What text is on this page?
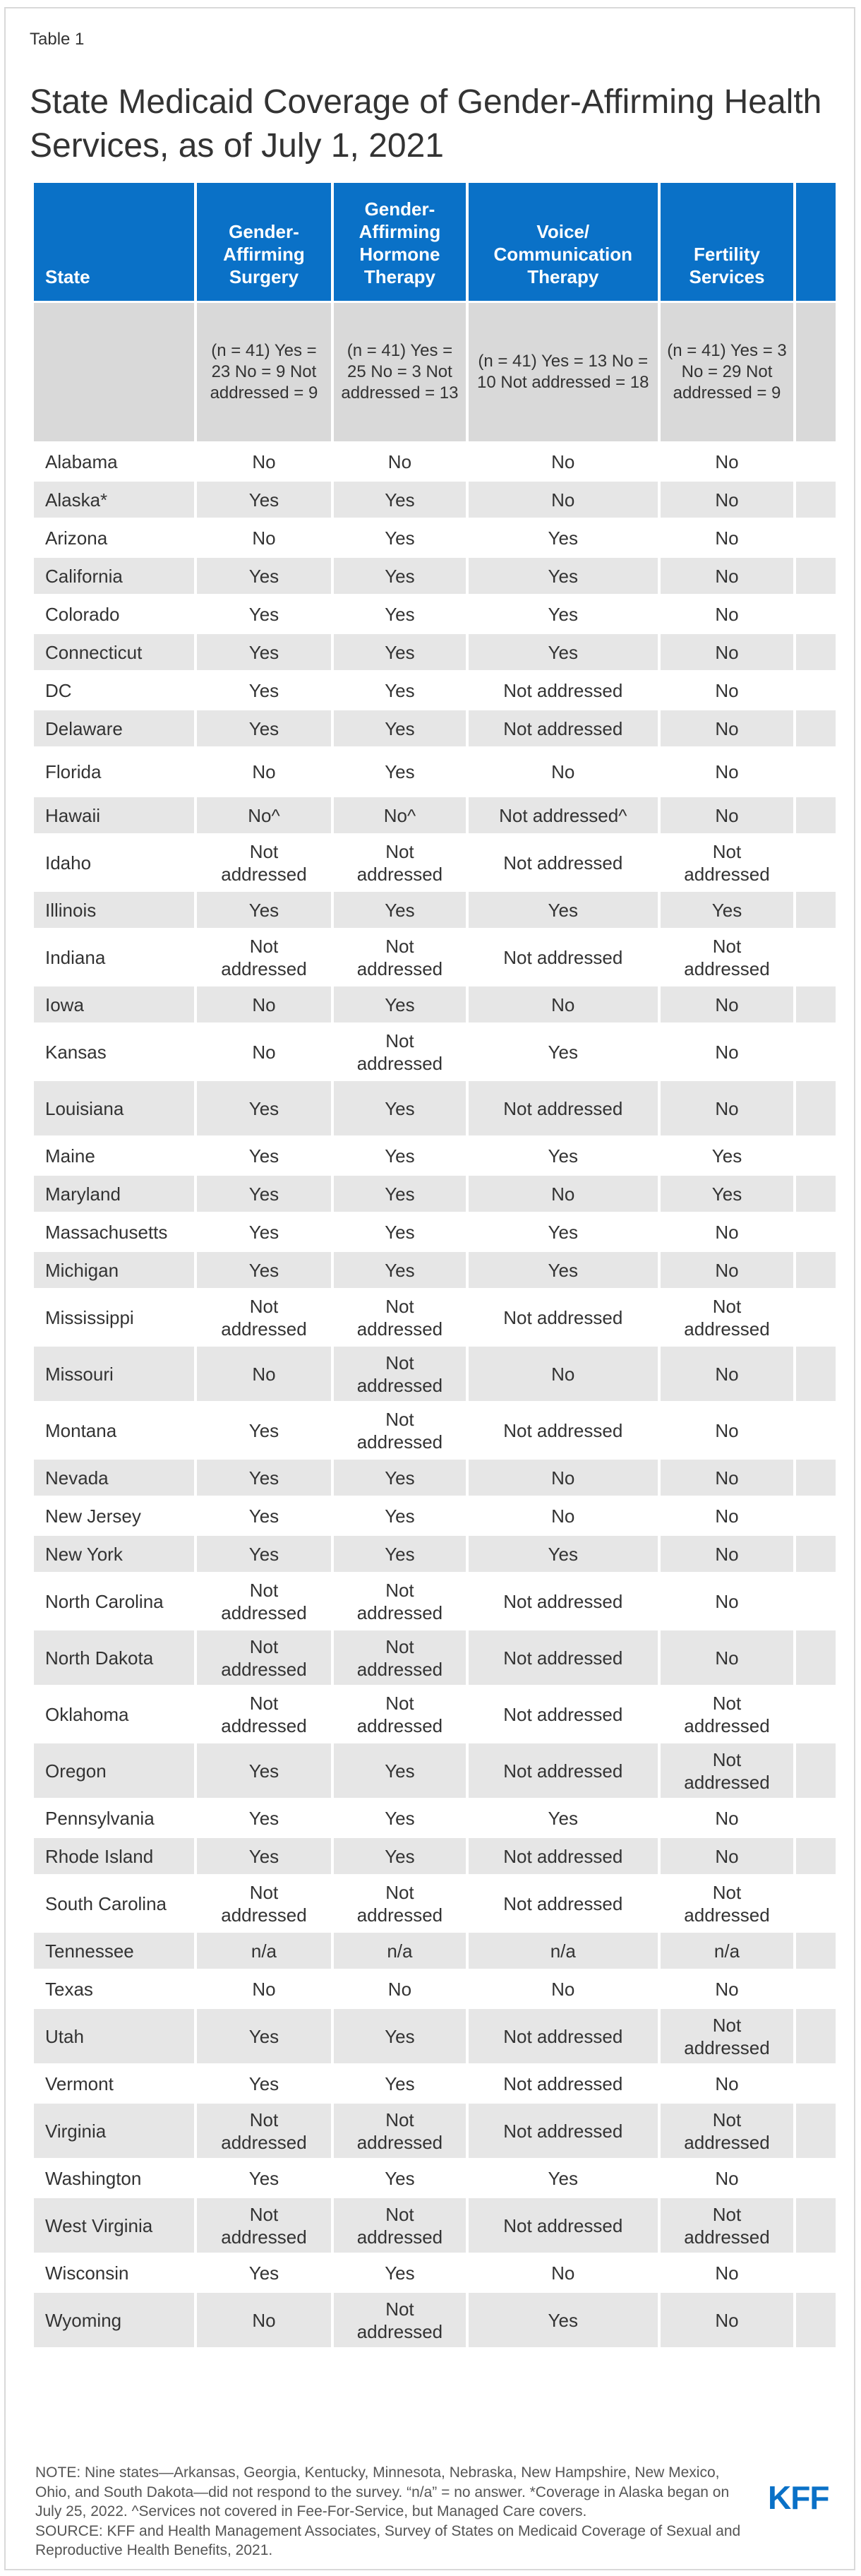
Table 1
State Medicaid Coverage of Gender-Affirming Health Services, as of July 1, 2021
State	Gender-Affirming Surgery	Gender-Affirming Hormone Therapy	Voice/ Communication Therapy	Fertility Services	
	(n = 41) Yes = 23 No = 9 Not addressed = 9	(n = 41) Yes = 25 No = 3 Not addressed = 13	(n = 41) Yes = 13 No = 10 Not addressed = 18	(n = 41) Yes = 3 No = 29 Not addressed = 9	
Alabama	No	No	No	No	
Alaska*	Yes	Yes	No	No	
Arizona	No	Yes	Yes	No	
California	Yes	Yes	Yes	No	
Colorado	Yes	Yes	Yes	No	
Connecticut	Yes	Yes	Yes	No	
DC	Yes	Yes	Not addressed	No	
Delaware	Yes	Yes	Not addressed	No	
Florida	No	Yes	No	No	
Hawaii	No^	No^	Not addressed^	No	
Idaho	Not addressed	Not addressed	Not addressed	Not addressed	
Illinois	Yes	Yes	Yes	Yes	
Indiana	Not addressed	Not addressed	Not addressed	Not addressed	
Iowa	No	Yes	No	No	
Kansas	No	Not addressed	Yes	No	
Louisiana	Yes	Yes	Not addressed	No	
Maine	Yes	Yes	Yes	Yes	
Maryland	Yes	Yes	No	Yes	
Massachusetts	Yes	Yes	Yes	No	
Michigan	Yes	Yes	Yes	No	
Mississippi	Not addressed	Not addressed	Not addressed	Not addressed	
Missouri	No	Not addressed	No	No	
Montana	Yes	Not addressed	Not addressed	No	
Nevada	Yes	Yes	No	No	
New Jersey	Yes	Yes	No	No	
New York	Yes	Yes	Yes	No	
North Carolina	Not addressed	Not addressed	Not addressed	No	
North Dakota	Not addressed	Not addressed	Not addressed	No	
Oklahoma	Not addressed	Not addressed	Not addressed	Not addressed	
Oregon	Yes	Yes	Not addressed	Not addressed	
Pennsylvania	Yes	Yes	Yes	No	
Rhode Island	Yes	Yes	Not addressed	No	
South Carolina	Not addressed	Not addressed	Not addressed	Not addressed	
Tennessee	n/a	n/a	n/a	n/a	
Texas	No	No	No	No	
Utah	Yes	Yes	Not addressed	Not addressed	
Vermont	Yes	Yes	Not addressed	No	
Virginia	Not addressed	Not addressed	Not addressed	Not addressed	
Washington	Yes	Yes	Yes	No	
West Virginia	Not addressed	Not addressed	Not addressed	Not addressed	
Wisconsin	Yes	Yes	No	No	
Wyoming	No	Not addressed	Yes	No	
NOTE: Nine states—Arkansas, Georgia, Kentucky, Minnesota, Nebraska, New Hampshire, New Mexico, Ohio, and South Dakota—did not respond to the survey. “n/a” = no answer. *Coverage in Alaska began on July 25, 2022. ^Services not covered in Fee-For-Service, but Managed Care covers.
SOURCE: KFF and Health Management Associates, Survey of States on Medicaid Coverage of Sexual and Reproductive Health Benefits, 2021.
KFF
